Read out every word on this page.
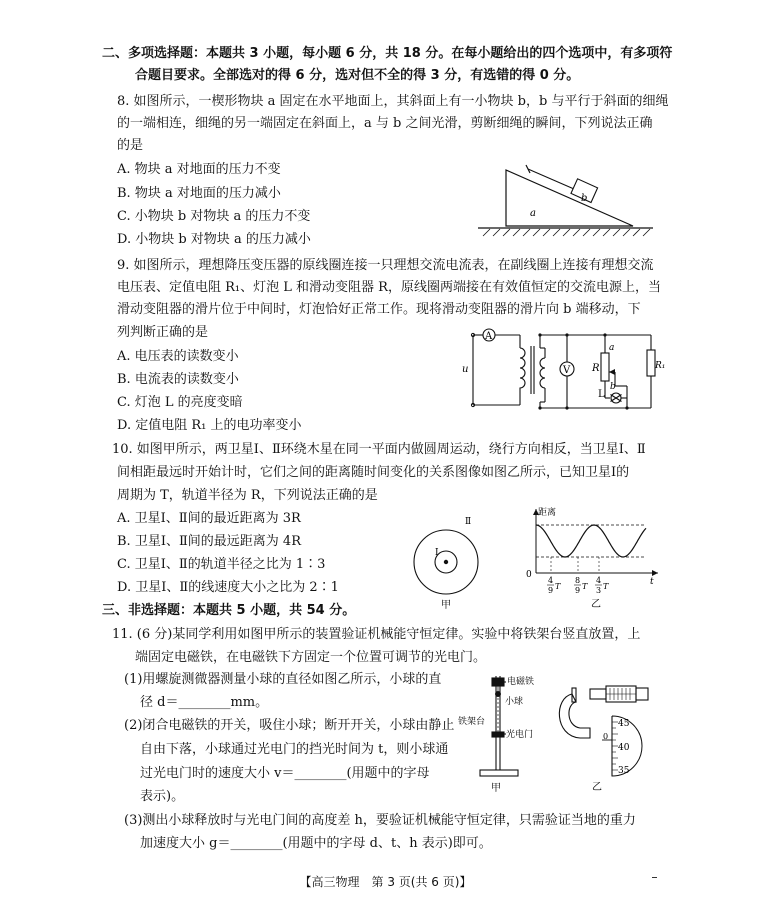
二、多项选择题：本题共 3 小题，每小题 6 分，共 18 分。在每小题给出的四个选项中，有多项符
合题目要求。全部选对的得 6 分，选对但不全的得 3 分，有选错的得 0 分。
8. 如图所示，一楔形物块 a 固定在水平地面上，其斜面上有一小物块 b，b 与平行于斜面的细绳
的一端相连，细绳的另一端固定在斜面上，a 与 b 之间光滑，剪断细绳的瞬间，下列说法正确
的是
A. 物块 a 对地面的压力不变
B. 物块 a 对地面的压力减小
C. 小物块 b 对物块 a 的压力不变
D. 小物块 b 对物块 a 的压力减小
b
a
9. 如图所示，理想降压变压器的原线圈连接一只理想交流电流表，在副线圈上连接有理想交流
电压表、定值电阻 R₁、灯泡 L 和滑动变阻器 R，原线圈两端接在有效值恒定的交流电源上，当
滑动变阻器的滑片位于中间时，灯泡恰好正常工作。现将滑动变阻器的滑片向 b 端移动，下
列判断正确的是
A. 电压表的读数变小
B. 电流表的读数变小
C. 灯泡 L 的亮度变暗
D. 定值电阻 R₁ 上的电功率变小
A
u	V R
a
b
L
R₁
10. 如图甲所示，两卫星Ⅰ、Ⅱ环绕木星在同一平面内做圆周运动，绕行方向相反，当卫星Ⅰ、Ⅱ
间相距最远时开始计时，它们之间的距离随时间变化的关系图像如图乙所示，已知卫星Ⅰ的
周期为 T，轨道半径为 R，下列说法正确的是
A. 卫星Ⅰ、Ⅱ间的最近距离为 3R
B. 卫星Ⅰ、Ⅱ间的最远距离为 4R
C. 卫星Ⅰ、Ⅱ的轨道半径之比为 1∶3
D. 卫星Ⅰ、Ⅱ的线速度大小之比为 2∶1
Ⅰ
Ⅱ
甲
距离
0
t
4
9 T
8
9 T
4
3 T
乙
三、非选择题：本题共 5 小题，共 54 分。
11. (6 分)某同学利用如图甲所示的装置验证机械能守恒定律。实验中将铁架台竖直放置，上
端固定电磁铁，在电磁铁下方固定一个位置可调节的光电门。
(1)用螺旋测微器测量小球的直径如图乙所示，小球的直
径 d＝________mm。
(2)闭合电磁铁的开关，吸住小球；断开开关，小球由静止
自由下落，小球通过光电门的挡光时间为 t，则小球通
过光电门时的速度大小 v＝________(用题中的字母
表示)。
(3)测出小球释放时与光电门间的高度差 h，要验证机械能守恒定律，只需验证当地的重力
加速度大小 g＝________(用题中的字母 d、t、h 表示)即可。
电磁铁
小球
铁架台
光电门
甲
45
40
35
0
乙
【高三物理　第 3 页(共 6 页)】
